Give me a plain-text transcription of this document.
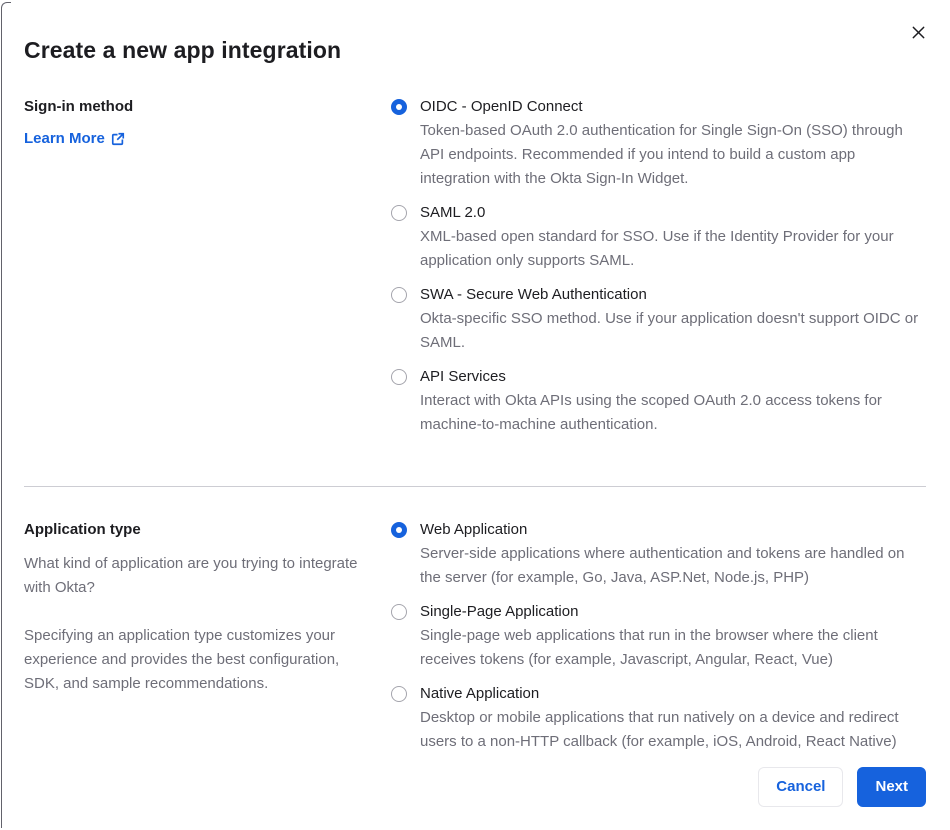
Create a new app integration
Sign-in method
Learn More
OIDC - OpenID Connect
Token-based OAuth 2.0 authentication for Single Sign-On (SSO) through API endpoints. Recommended if you intend to build a custom app integration with the Okta Sign-In Widget.
SAML 2.0
XML-based open standard for SSO. Use if the Identity Provider for your application only supports SAML.
SWA - Secure Web Authentication
Okta-specific SSO method. Use if your application doesn't support OIDC or SAML.
API Services
Interact with Okta APIs using the scoped OAuth 2.0 access tokens for machine-to-machine authentication.
Application type

What kind of application are you trying to integrate with Okta?

Specifying an application type customizes your experience and provides the best configuration, SDK, and sample recommendations.

Web Application
Server-side applications where authentication and tokens are handled on the server (for example, Go, Java, ASP.Net, Node.js, PHP)
Single-Page Application
Single-page web applications that run in the browser where the client receives tokens (for example, Javascript, Angular, React, Vue)
Native Application
Desktop or mobile applications that run natively on a device and redirect users to a non-HTTP callback (for example, iOS, Android, React Native)
Cancel	Next
